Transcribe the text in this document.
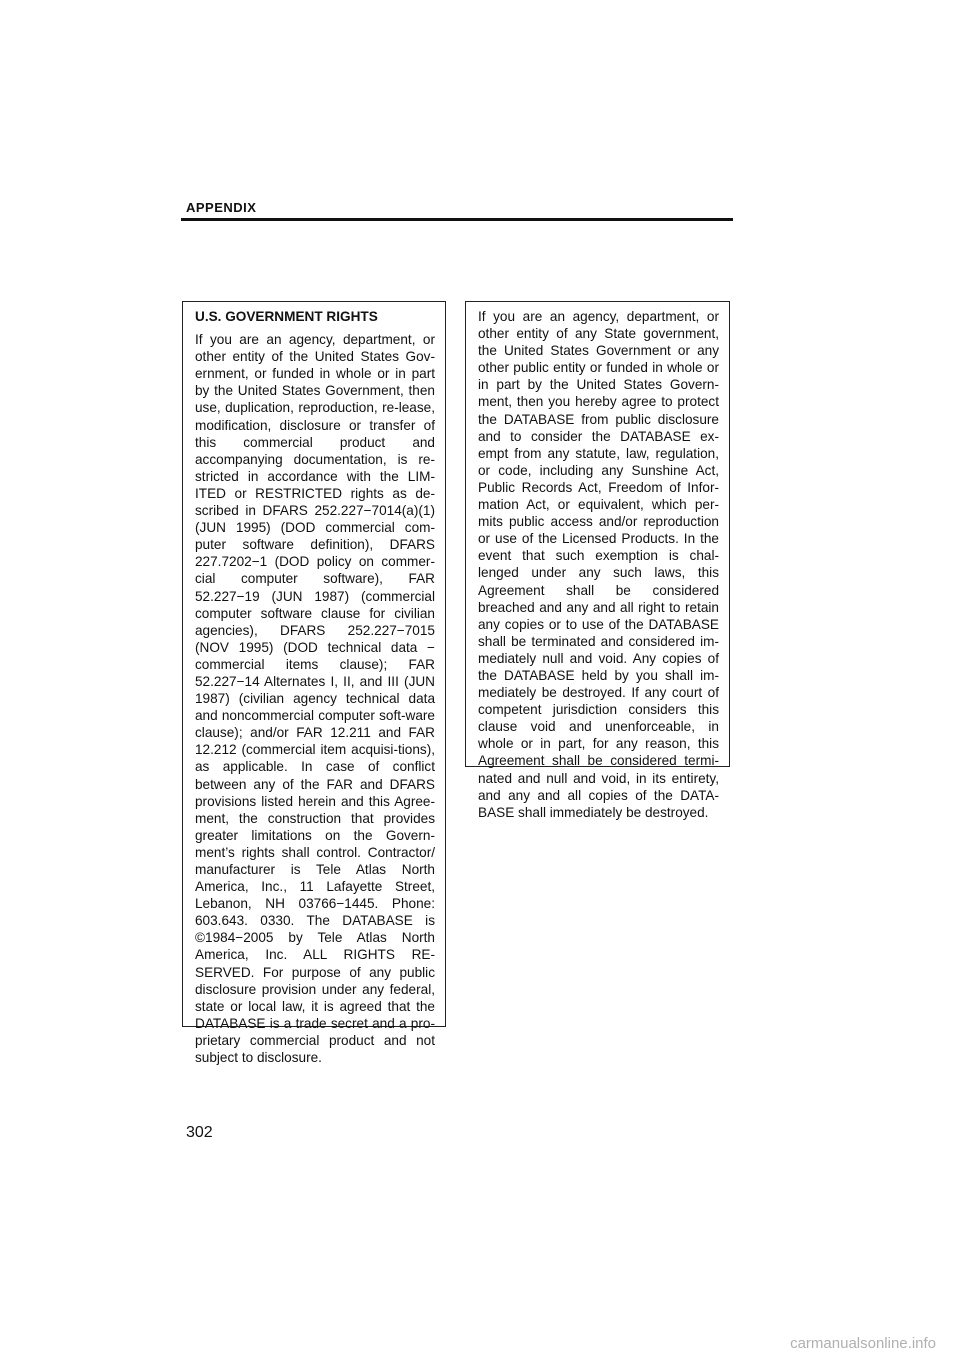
APPENDIX

U.S. GOVERNMENT RIGHTS

If you are an agency, department, or other entity of the United States Gov-ernment, or funded in whole or in part by the United States Government, then use, duplication, reproduction, re-lease, modification, disclosure or transfer of this commercial product and accompanying documentation, is re-stricted in accordance with the LIM-ITED or RESTRICTED rights as de-scribed in DFARS 252.227−7014(a)(1) (JUN 1995) (DOD commercial com-puter software definition), DFARS 227.7202−1 (DOD policy on commer-cial computer software), FAR 52.227−19 (JUN 1987) (commercial computer software clause for civilian agencies), DFARS 252.227−7015 (NOV 1995) (DOD technical data − commercial items clause); FAR 52.227−14 Alternates I, II, and III (JUN 1987) (civilian agency technical data and noncommercial computer soft-ware clause); and/or FAR 12.211 and FAR 12.212 (commercial item acquisi-tions), as applicable. In case of conflict between any of the FAR and DFARS provisions listed herein and this Agree-ment, the construction that provides greater limitations on the Govern-ment’s rights shall control. Contractor/ manufacturer is Tele Atlas North America, Inc., 11 Lafayette Street, Lebanon, NH 03766−1445. Phone: 603.643. 0330. The DATABASE is ©1984−2005 by Tele Atlas North America, Inc. ALL RIGHTS RE-SERVED. For purpose of any public disclosure provision under any federal, state or local law, it is agreed that the DATABASE is a trade secret and a pro-prietary commercial product and not subject to disclosure.

If you are an agency, department, or other entity of any State government, the United States Government or any other public entity or funded in whole or in part by the United States Govern-ment, then you hereby agree to protect the DATABASE from public disclosure and to consider the DATABASE ex-empt from any statute, law, regulation, or code, including any Sunshine Act, Public Records Act, Freedom of Infor-mation Act, or equivalent, which per-mits public access and/or reproduction or use of the Licensed Products. In the event that such exemption is chal-lenged under any such laws, this Agreement shall be considered breached and any and all right to retain any copies or to use of the DATABASE shall be terminated and considered im-mediately null and void. Any copies of the DATABASE held by you shall im-mediately be destroyed. If any court of competent jurisdiction considers this clause void and unenforceable, in whole or in part, for any reason, this Agreement shall be considered termi-nated and null and void, in its entirety, and any and all copies of the DATA-BASE shall immediately be destroyed.

302
carmanualsonline.info
